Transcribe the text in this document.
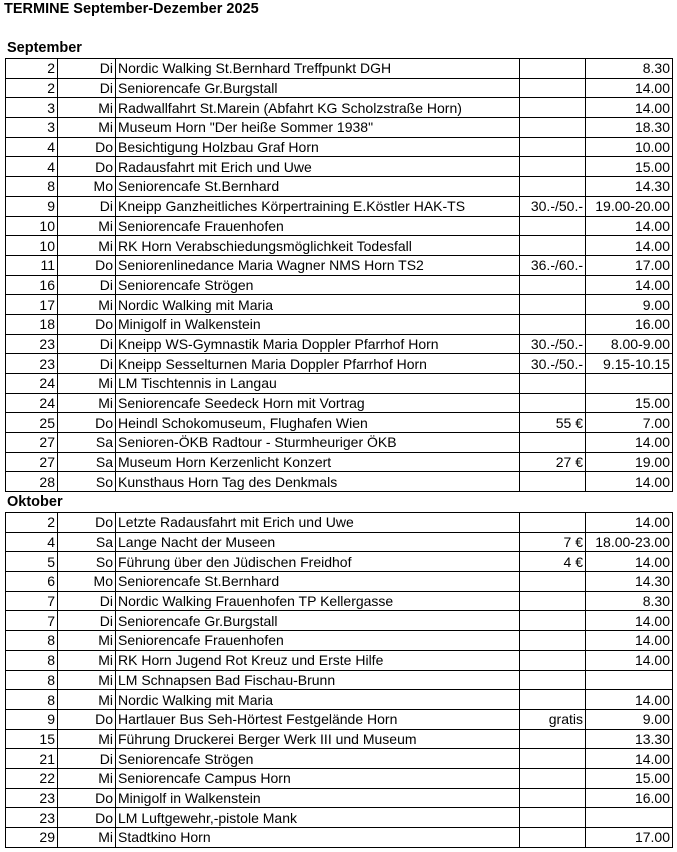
TERMINE September-Dezember 2025
September
2	Di	Nordic Walking St.Bernhard Treffpunkt DGH		8.30
2	Di	Seniorencafe Gr.Burgstall		14.00
3	Mi	Radwallfahrt St.Marein (Abfahrt KG Scholzstraße Horn)		14.00
3	Mi	Museum Horn "Der heiße Sommer 1938"		18.30
4	Do	Besichtigung Holzbau Graf Horn		10.00
4	Do	Radausfahrt mit Erich und Uwe		15.00
8	Mo	Seniorencafe St.Bernhard		14.30
9	Di	Kneipp Ganzheitliches Körpertraining E.Köstler HAK-TS	30.-/50.-	19.00-20.00
10	Mi	Seniorencafe Frauenhofen		14.00
10	Mi	RK Horn Verabschiedungsmöglichkeit Todesfall		14.00
11	Do	Seniorenlinedance Maria Wagner NMS Horn TS2	36.-/60.-	17.00
16	Di	Seniorencafe Strögen		14.00
17	Mi	Nordic Walking mit Maria		9.00
18	Do	Minigolf in Walkenstein		16.00
23	Di	Kneipp WS-Gymnastik Maria Doppler Pfarrhof Horn	30.-/50.-	8.00-9.00
23	Di	Kneipp Sesselturnen Maria Doppler Pfarrhof Horn	30.-/50.-	9.15-10.15
24	Mi	LM Tischtennis in Langau		
24	Mi	Seniorencafe Seedeck Horn mit Vortrag		15.00
25	Do	Heindl Schokomuseum, Flughafen Wien	55 €	7.00
27	Sa	Senioren-ÖKB Radtour - Sturmheuriger ÖKB		14.00
27	Sa	Museum Horn Kerzenlicht Konzert	27 €	19.00
28	So	Kunsthaus Horn Tag des Denkmals		14.00
Oktober
2	Do	Letzte Radausfahrt mit Erich und Uwe		14.00
4	Sa	Lange Nacht der Museen	7 €	18.00-23.00
5	So	Führung über den Jüdischen Freidhof	4 €	14.00
6	Mo	Seniorencafe St.Bernhard		14.30
7	Di	Nordic Walking Frauenhofen TP Kellergasse		8.30
7	Di	Seniorencafe Gr.Burgstall		14.00
8	Mi	Seniorencafe Frauenhofen		14.00
8	Mi	RK Horn Jugend Rot Kreuz und Erste Hilfe		14.00
8	Mi	LM Schnapsen Bad Fischau-Brunn		
8	Mi	Nordic Walking mit Maria		14.00
9	Do	Hartlauer Bus Seh-Hörtest Festgelände Horn	gratis	9.00
15	Mi	Führung Druckerei Berger Werk III und Museum		13.30
21	Di	Seniorencafe Strögen		14.00
22	Mi	Seniorencafe Campus Horn		15.00
23	Do	Minigolf in Walkenstein		16.00
23	Do	LM Luftgewehr,-pistole Mank		
29	Mi	Stadtkino Horn		17.00
